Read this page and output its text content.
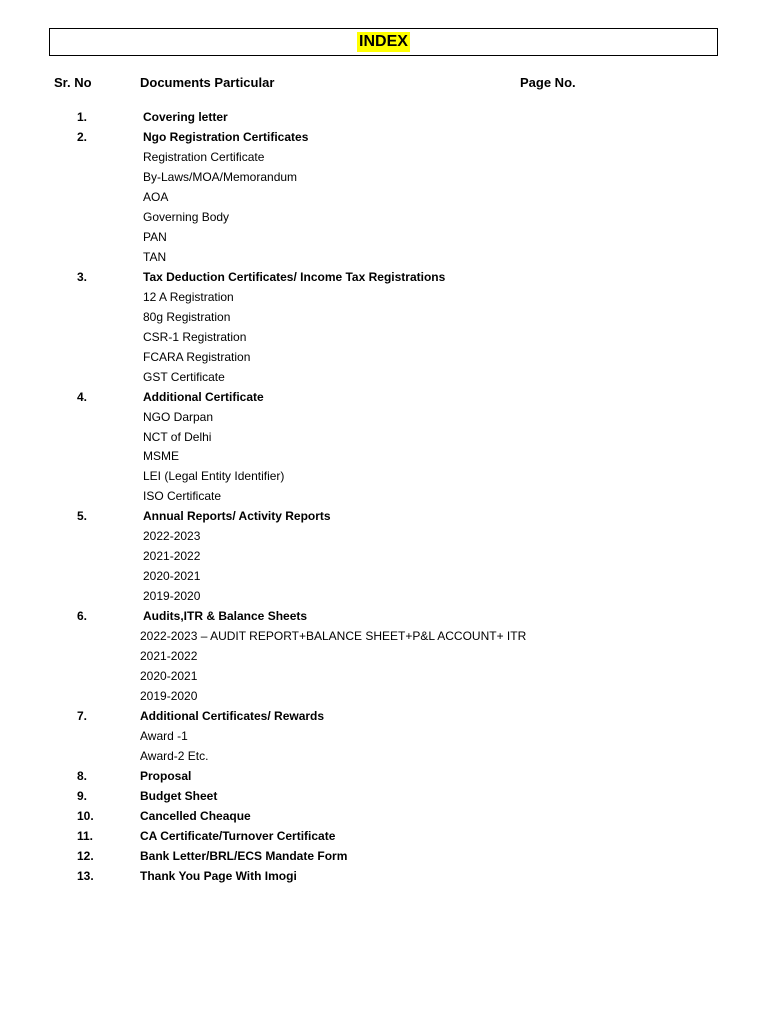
INDEX
Sr. No	Documents Particular	Page No.
1.	Covering letter
2.	Ngo Registration Certificates
Registration Certificate
By-Laws/MOA/Memorandum
AOA
Governing Body
PAN
TAN
3.	Tax Deduction Certificates/ Income Tax Registrations
12 A Registration
80g Registration
CSR-1 Registration
FCARA Registration
GST Certificate
4.	Additional Certificate
NGO Darpan
NCT of Delhi
MSME
LEI (Legal Entity Identifier)
ISO Certificate
5.	Annual Reports/ Activity Reports
2022-2023
2021-2022
2020-2021
2019-2020
6.	Audits,ITR & Balance Sheets
2022-2023 – AUDIT REPORT+BALANCE SHEET+P&L ACCOUNT+ ITR
2021-2022
2020-2021
2019-2020
7.	Additional Certificates/ Rewards
Award -1
Award-2 Etc.
8.	Proposal
9.	Budget Sheet
10.	Cancelled Cheaque
11.	CA Certificate/Turnover Certificate
12.	Bank Letter/BRL/ECS Mandate Form
13.	Thank You Page With Imogi
